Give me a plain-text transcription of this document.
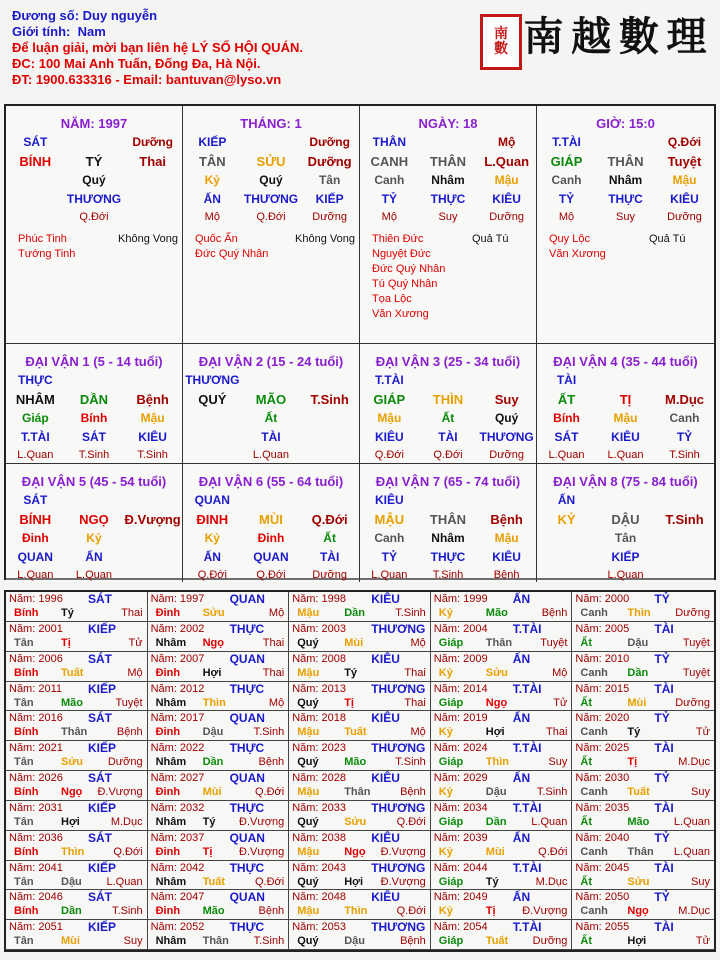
Đương số: Duy nguyễn
Giới tính: Nam
Để luận giải, mời bạn liên hệ LÝ SỐ HỘI QUÁN.
ĐC: 100 Mai Anh Tuấn, Đống Đa, Hà Nội.
ĐT: 1900.633316 - Email: bantuvan@lyso.vn
南
數 南 越 數 理
NĂM: 1997
SÁT	Dưỡng
BÍNH	TÝ	Thai
Quý
THƯƠNG
Q.Đới
Phúc Tinh
Tướng Tinh
Không Vong
THÁNG: 1
KIẾP	Dưỡng
TÂN	SỬU	Dưỡng
Kỷ	Quý	Tân
ẤN	THƯƠNG	KIẾP
Mộ	Q.Đới	Dưỡng
Quốc Ấn
Đức Quý Nhân
Không Vong
NGÀY: 18
THÂN	Mộ
CANH	THÂN	L.Quan
Canh	Nhâm	Mậu
TỶ	THỰC	KIÊU
Mộ	Suy	Dưỡng
Thiên Đức
Nguyệt Đức
Đức Quý Nhân
Tú Quý Nhân
Tọa Lộc
Văn Xương
Quả Tú
GIỜ: 15:0
T.TÀI	Q.Đới
GIÁP	THÂN	Tuyệt
Canh	Nhâm	Mậu
TỶ	THỰC	KIÊU
Mộ	Suy	Dưỡng
Quy Lộc
Văn Xương
Quả Tú
ĐẠI VẬN 1 (5 - 14 tuổi)
THỰC
NHÂM	DẦN	Bệnh
Giáp	Bính	Mậu
T.TÀI	SÁT	KIÊU
L.Quan	T.Sinh	T.Sinh
ĐẠI VẬN 2 (15 - 24 tuổi)
THƯƠNG
QUÝ	MÃO	T.Sinh
Ất
TÀI
L.Quan
ĐẠI VẬN 3 (25 - 34 tuổi)
T.TÀI
GIÁP	THÌN	Suy
Mậu	Ất	Quý
KIÊU	TÀI	THƯƠNG
Q.Đới	Q.Đới	Dưỡng
ĐẠI VẬN 4 (35 - 44 tuổi)
TÀI
ẤT	TỊ	M.Dục
Bính	Mậu	Canh
SÁT	KIÊU	TỶ
L.Quan	L.Quan	T.Sinh
ĐẠI VẬN 5 (45 - 54 tuổi)
SÁT
BÍNH	NGỌ	Đ.Vượng
Đinh	Kỷ
QUAN	ẤN
L.Quan	L.Quan
ĐẠI VẬN 6 (55 - 64 tuổi)
QUAN
ĐINH	MÙI	Q.Đới
Kỷ	Đinh	Ất
ẤN	QUAN	TÀI
Q.Đới	Q.Đới	Dưỡng
ĐẠI VẬN 7 (65 - 74 tuổi)
KIÊU
MẬU	THÂN	Bệnh
Canh	Nhâm	Mậu
TỶ	THỰC	KIÊU
L.Quan	T.Sinh	Bệnh
ĐẠI VẬN 8 (75 - 84 tuổi)
ẤN
KỶ	DẬU	T.Sinh
Tân
KIẾP
L.Quan
Năm: 1996 SÁT
Bính Tý	Thai
Năm: 1997 QUAN
Đinh Sửu	Mộ
Năm: 1998 KIÊU
Mậu Dần	T.Sinh
Năm: 1999 ẤN
Kỷ	Mão	Bệnh
Năm: 2000 TỶ
Canh Thìn Dưỡng
Năm: 2001 KIẾP
Tân Tị	Tử
Năm: 2002 THỰC
Nhâm Ngọ	Thai
Năm: 2003 THƯƠNG
Quý Mùi	Mộ
Năm: 2004 T.TÀI
Giáp Thân	Tuyệt
Năm: 2005 TÀI
Ất	Dậu	Tuyệt
Năm: 2006 SÁT
Bính Tuất	Mộ
Năm: 2007 QUAN
Đinh Hợi	Thai
Năm: 2008 KIÊU
Mậu Tý	Thai
Năm: 2009 ẤN
Kỷ	Sửu	Mộ
Năm: 2010 TỶ
Canh Dần	Tuyệt
Năm: 2011 KIẾP
Tân Mão	Tuyệt
Năm: 2012 THỰC
Nhâm Thìn	Mộ
Năm: 2013 THƯƠNG
Quý Tị	Thai
Năm: 2014 T.TÀI
Giáp Ngọ	Tử
Năm: 2015 TÀI
Ất	Mùi	Dưỡng
Năm: 2016 SÁT
Bính Thân	Bệnh
Năm: 2017 QUAN
Đinh Dậu	T.Sinh
Năm: 2018 KIÊU
Mậu Tuất	Mộ
Năm: 2019 ẤN
Kỷ	Hợi	Thai
Năm: 2020 TỶ
Canh Tý	Tử
Năm: 2021 KIẾP
Tân Sửu Dưỡng
Năm: 2022 THỰC
Nhâm Dần	Bệnh
Năm: 2023 THƯƠNG
Quý Mão	T.Sinh
Năm: 2024 T.TÀI
Giáp Thìn	Suy
Năm: 2025 TÀI
Ất	Tị	M.Dục
Năm: 2026 SÁT
Bính Ngọ Đ.Vượng
Năm: 2027 QUAN
Đinh Mùi	Q.Đới
Năm: 2028 KIÊU
Mậu Thân	Bệnh
Năm: 2029 ẤN
Kỷ	Dậu	T.Sinh
Năm: 2030 TỶ
Canh Tuất	Suy
Năm: 2031 KIẾP
Tân Hợi	M.Dục
Năm: 2032 THỰC
Nhâm Tý Đ.Vượng
Năm: 2033 THƯƠNG
Quý Sửu	Q.Đới
Năm: 2034 T.TÀI
Giáp Dần L.Quan
Năm: 2035 TÀI
Ất	Mão L.Quan
Năm: 2036 SÁT
Bính Thìn	Q.Đới
Năm: 2037 QUAN
Đinh Tị Đ.Vượng
Năm: 2038 KIÊU
Mậu Ngọ Đ.Vượng
Năm: 2039 ẤN
Kỷ	Mùi	Q.Đới
Năm: 2040 TỶ
Canh Thân L.Quan
Năm: 2041 KIẾP
Tân Dậu L.Quan
Năm: 2042 THỰC
Nhâm Tuất	Q.Đới
Năm: 2043 THƯƠNG
Quý Hợi Đ.Vượng
Năm: 2044 T.TÀI
Giáp Tý	M.Dục
Năm: 2045 TÀI
Ất	Sửu	Suy
Năm: 2046 SÁT
Bính Dần	T.Sinh
Năm: 2047 QUAN
Đinh Mão	Bệnh
Năm: 2048 KIÊU
Mậu Thìn	Q.Đới
Năm: 2049 ẤN
Kỷ	Tị Đ.Vượng
Năm: 2050 TỶ
Canh Ngọ	M.Dục
Năm: 2051 KIẾP
Tân Mùi	Suy
Năm: 2052 THỰC
Nhâm Thân T.Sinh
Năm: 2053 THƯƠNG
Quý Dậu	Bệnh
Năm: 2054 T.TÀI
Giáp Tuất Dưỡng
Năm: 2055 TÀI
Ất	Hợi	Tử
